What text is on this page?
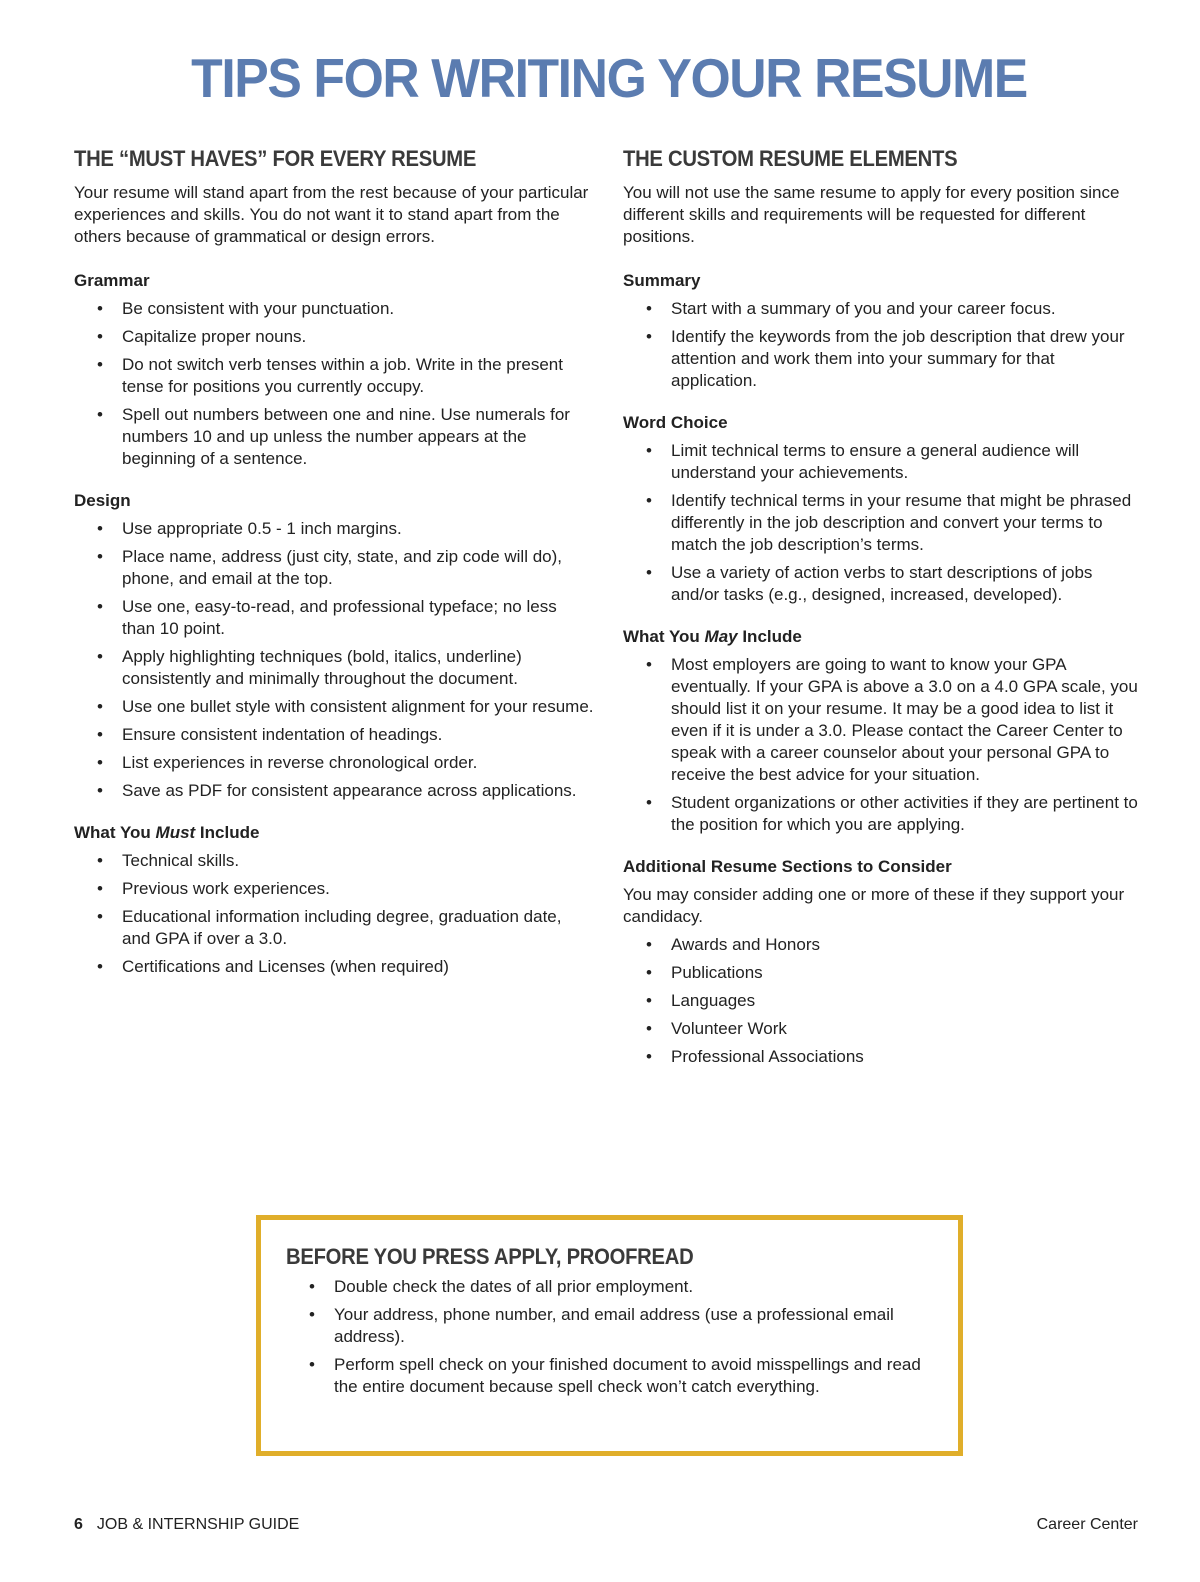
TIPS FOR WRITING YOUR RESUME
THE “MUST HAVES” FOR EVERY RESUME

Your resume will stand apart from the rest because of your particular experiences and skills. You do not want it to stand apart from the others because of grammatical or design errors.

Grammar
• Be consistent with your punctuation.
• Capitalize proper nouns.
• Do not switch verb tenses within a job. Write in the present tense for positions you currently occupy.
• Spell out numbers between one and nine. Use numerals for numbers 10 and up unless the number appears at the beginning of a sentence.
Design
• Use appropriate 0.5 - 1 inch margins.
• Place name, address (just city, state, and zip code will do), phone, and email at the top.
• Use one, easy-to-read, and professional typeface; no less than 10 point.
• Apply highlighting techniques (bold, italics, underline) consistently and minimally throughout the document.
• Use one bullet style with consistent alignment for your resume.
• Ensure consistent indentation of headings.
• List experiences in reverse chronological order.
• Save as PDF for consistent appearance across applications.
What You Must Include
• Technical skills.
• Previous work experiences.
• Educational information including degree, graduation date, and GPA if over a 3.0.
• Certifications and Licenses (when required)
THE CUSTOM RESUME ELEMENTS

You will not use the same resume to apply for every position since different skills and requirements will be requested for different positions.

Summary
• Start with a summary of you and your career focus.
• Identify the keywords from the job description that drew your attention and work them into your summary for that application.
Word Choice
• Limit technical terms to ensure a general audience will understand your achievements.
• Identify technical terms in your resume that might be phrased differently in the job description and convert your terms to match the job description’s terms.
• Use a variety of action verbs to start descriptions of jobs and/or tasks (e.g., designed, increased, developed).
What You May Include
• Most employers are going to want to know your GPA eventually. If your GPA is above a 3.0 on a 4.0 GPA scale, you should list it on your resume. It may be a good idea to list it even if it is under a 3.0. Please contact the Career Center to speak with a career counselor about your personal GPA to receive the best advice for your situation.
• Student organizations or other activities if they are pertinent to the position for which you are applying.
Additional Resume Sections to Consider

You may consider adding one or more of these if they support your candidacy.

• Awards and Honors
• Publications
• Languages
• Volunteer Work
• Professional Associations
BEFORE YOU PRESS APPLY, PROOFREAD
• Double check the dates of all prior employment.
• Your address, phone number, and email address (use a professional email address).
• Perform spell check on your finished document to avoid misspellings and read the entire document because spell check won’t catch everything.
6 JOB & INTERNSHIP GUIDE	Career Center
